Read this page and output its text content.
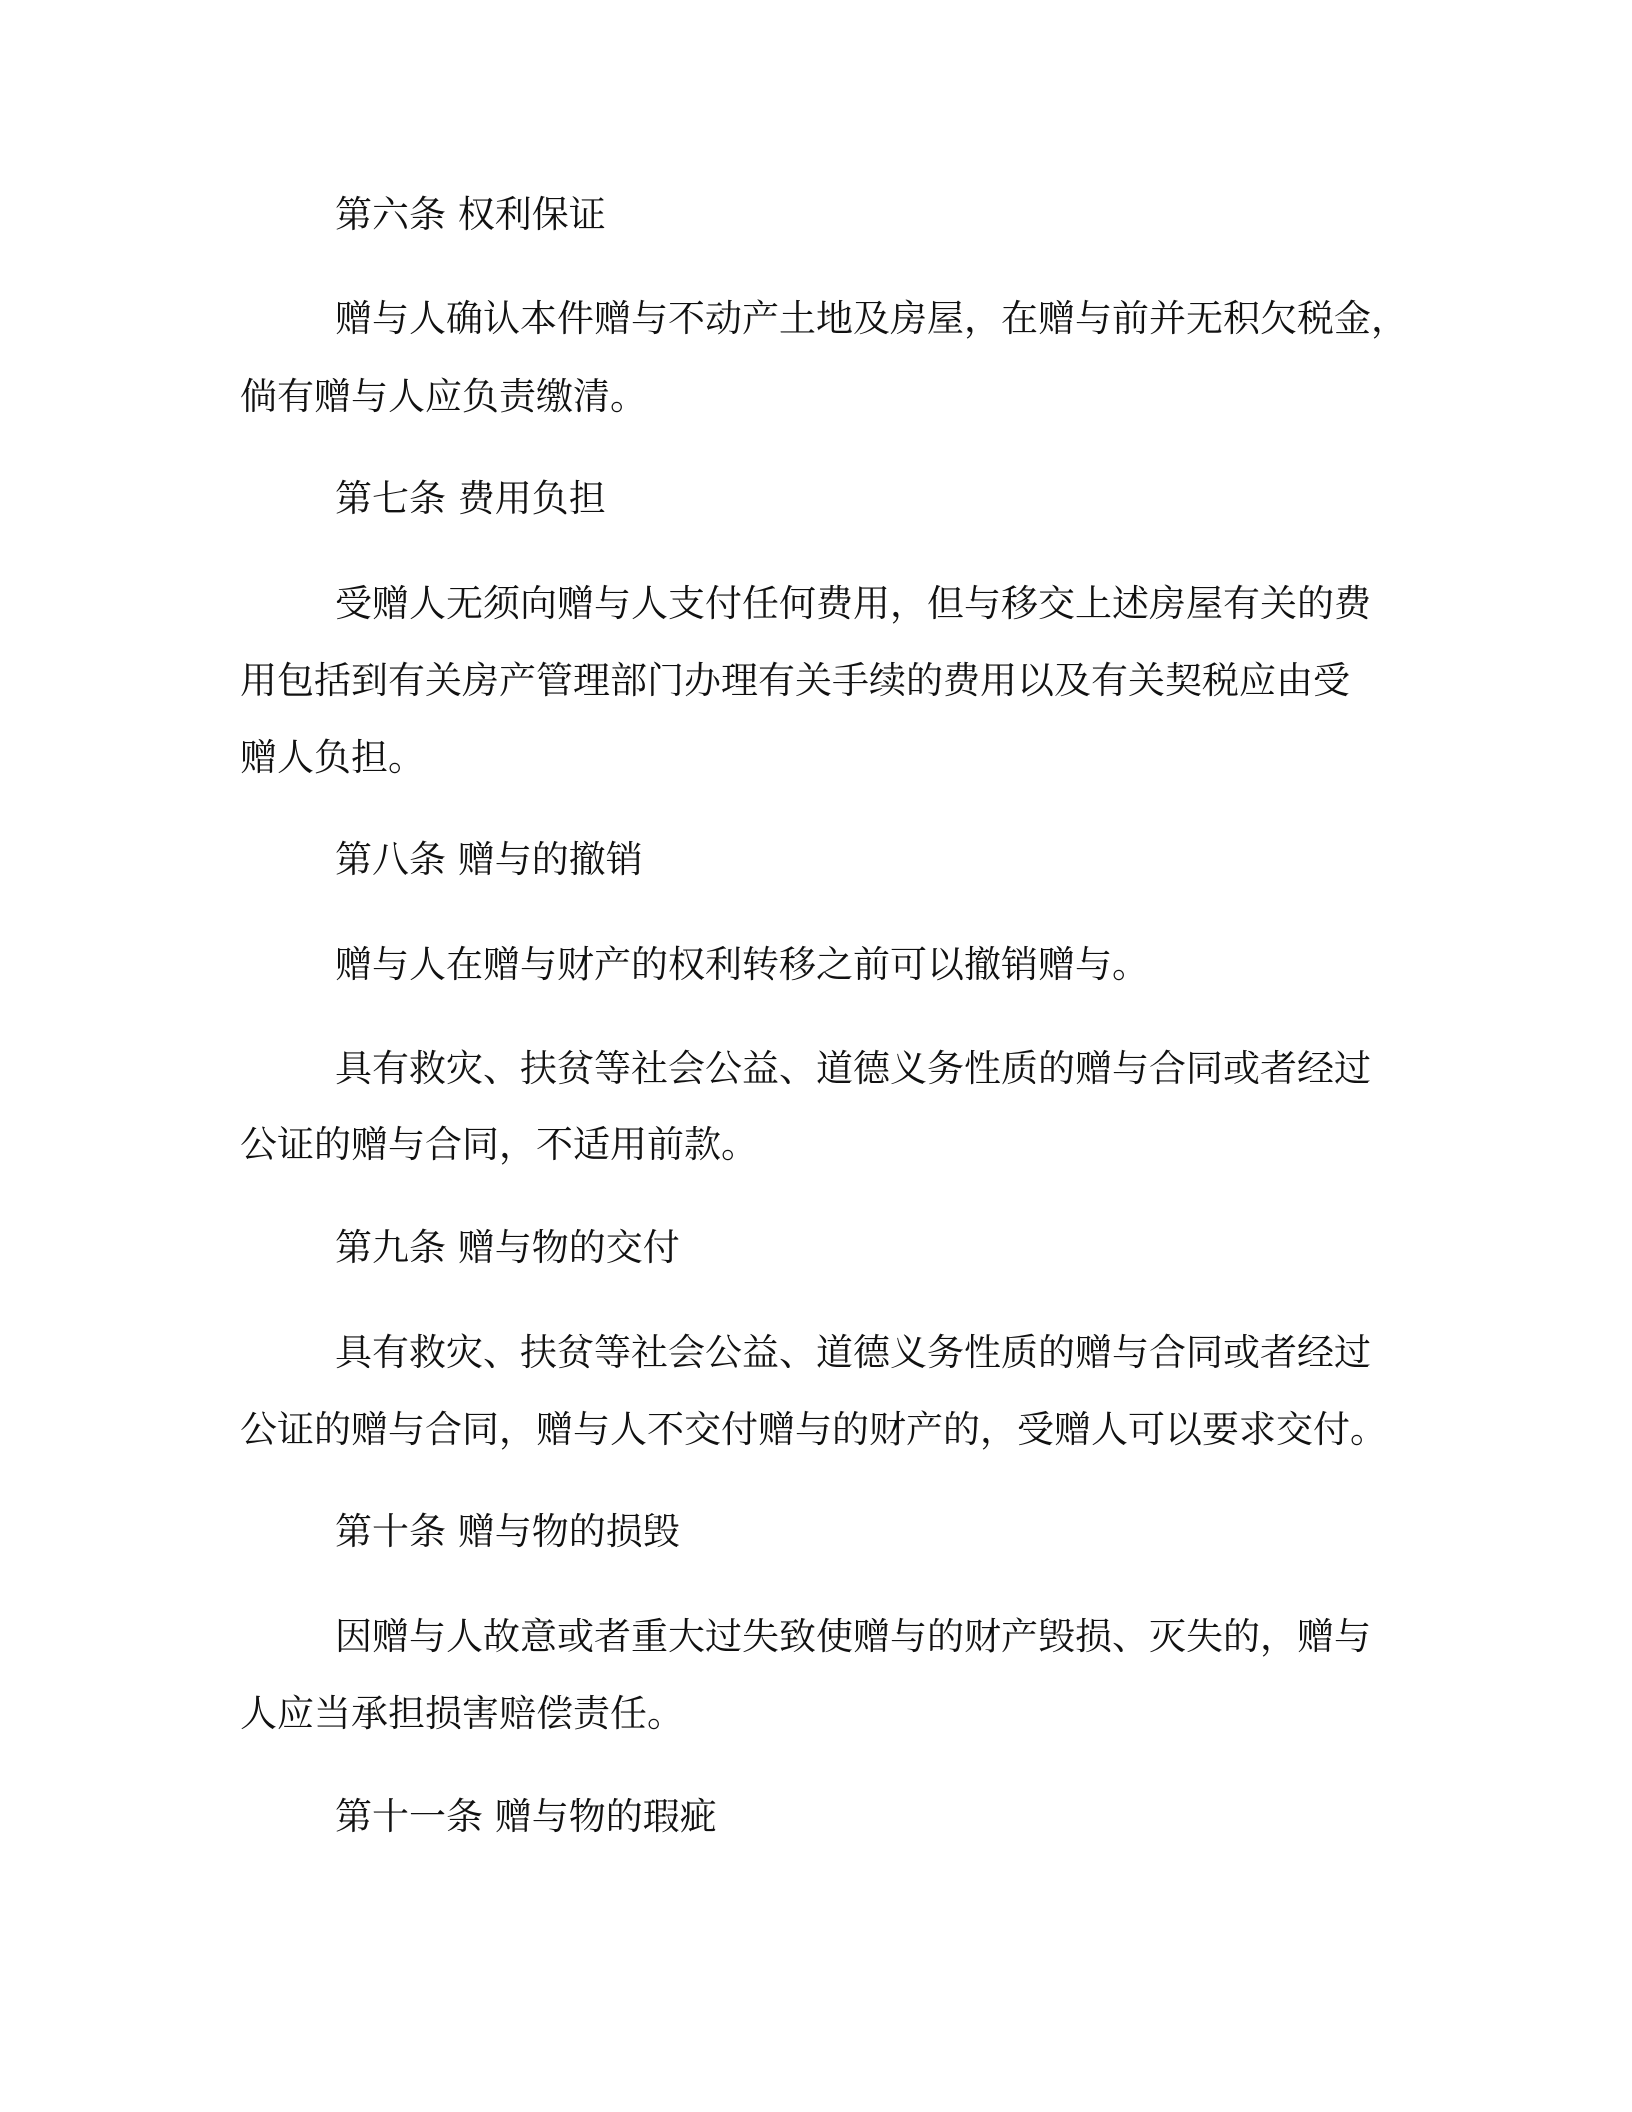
第六条 权利保证

赠与人确认本件赠与不动产土地及房屋，在赠与前并无积欠税金，

倘有赠与人应负责缴清。

第七条 费用负担

受赠人无须向赠与人支付任何费用，但与移交上述房屋有关的费

用包括到有关房产管理部门办理有关手续的费用以及有关契税应由受

赠人负担。

第八条 赠与的撤销

赠与人在赠与财产的权利转移之前可以撤销赠与。

具有救灾、扶贫等社会公益、道德义务性质的赠与合同或者经过

公证的赠与合同，不适用前款。

第九条 赠与物的交付

具有救灾、扶贫等社会公益、道德义务性质的赠与合同或者经过

公证的赠与合同，赠与人不交付赠与的财产的，受赠人可以要求交付。

第十条 赠与物的损毁

因赠与人故意或者重大过失致使赠与的财产毁损、灭失的，赠与

人应当承担损害赔偿责任。

第十一条 赠与物的瑕疵
